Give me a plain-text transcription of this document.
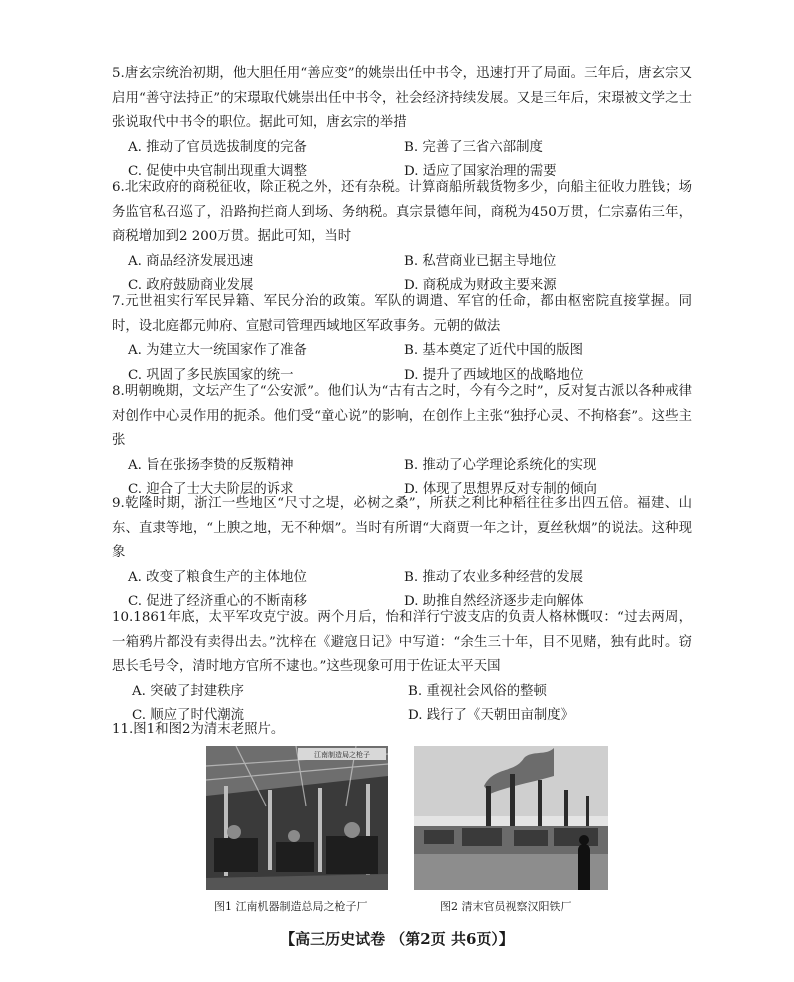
5.唐玄宗统治初期，他大胆任用“善应变”的姚崇出任中书令，迅速打开了局面。三年后，唐玄宗又启用“善守法持正”的宋璟取代姚崇出任中书令，社会经济持续发展。又是三年后，宋璟被文学之士张说取代中书令的职位。据此可知，唐玄宗的举措

A. 推动了官员选拔制度的完备	B. 完善了三省六部制度
C. 促使中央官制出现重大调整	D. 适应了国家治理的需要

6.北宋政府的商税征收，除正税之外，还有杂税。计算商船所载货物多少，向船主征收力胜钱；场务监官私召巡了，沿路拘拦商人到场、务纳税。真宗景德年间，商税为450万贯，仁宗嘉佑三年，商税增加到2 200万贯。据此可知，当时

A. 商品经济发展迅速	B. 私营商业已据主导地位
C. 政府鼓励商业发展	D. 商税成为财政主要来源

7.元世祖实行军民异籍、军民分治的政策。军队的调遣、军官的任命，都由枢密院直接掌握。同时，设北庭都元帅府、宣慰司管理西域地区军政事务。元朝的做法

A. 为建立大一统国家作了准备	B. 基本奠定了近代中国的版图
C. 巩固了多民族国家的统一	D. 提升了西域地区的战略地位

8.明朝晚期，文坛产生了“公安派”。他们认为“古有古之时，今有今之时”，反对复古派以各种戒律对创作中心灵作用的扼杀。他们受“童心说”的影响，在创作上主张“独抒心灵、不拘格套”。这些主张

A. 旨在张扬李贽的反叛精神	B. 推动了心学理论系统化的实现
C. 迎合了士大夫阶层的诉求	D. 体现了思想界反对专制的倾向

9.乾隆时期，浙江一些地区“尺寸之堤，必树之桑”，所获之利比种稻往往多出四五倍。福建、山东、直隶等地，“上腴之地，无不种烟”。当时有所谓“大商贾一年之计，夏丝秋烟”的说法。这种现象

A. 改变了粮食生产的主体地位	B. 推动了农业多种经营的发展
C. 促进了经济重心的不断南移	D. 助推自然经济逐步走向解体

10.1861年底，太平军攻克宁波。两个月后，怡和洋行宁波支店的负责人格林慨叹：“过去两周，一箱鸦片都没有卖得出去。”沈梓在《避寇日记》中写道：“余生三十年，目不见赌，独有此时。窃思长毛号令，清时地方官所不逮也。”这些现象可用于佐证太平天国

A. 突破了封建秩序	B. 重视社会风俗的整顿
C. 顺应了时代潮流	D. 践行了《天朝田亩制度》

11.图1和图2为清末老照片。

江南制造局之枪子
图1 江南机器制造总局之枪子厂	图2 清末官员视察汉阳铁厂
【高三历史试卷 （第2页 共6页）】
